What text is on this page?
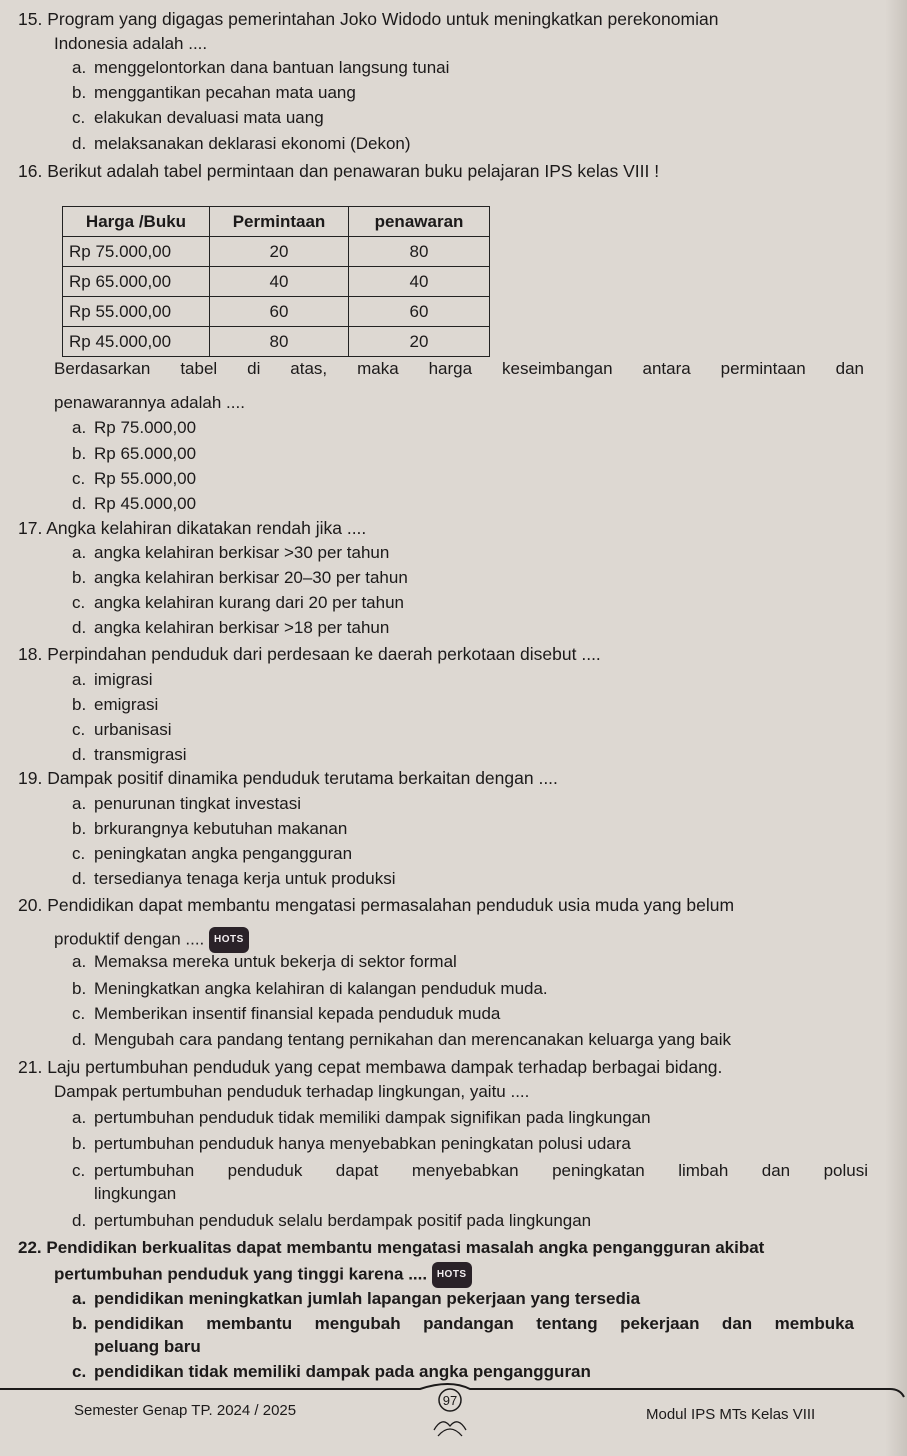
15. Program yang digagas pemerintahan Joko Widodo untuk meningkatkan perekonomian
Indonesia adalah ....
a. menggelontorkan dana bantuan langsung tunai
b. menggantikan pecahan mata uang
c. elakukan devaluasi mata uang
d. melaksanakan deklarasi ekonomi (Dekon)
16. Berikut adalah tabel permintaan dan penawaran buku pelajaran IPS kelas VIII !
Harga /Buku	Permintaan	penawaran
Rp 75.000,00	20	80
Rp 65.000,00	40	40
Rp 55.000,00	60	60
Rp 45.000,00	80	20
Berdasarkan tabel di atas, maka harga keseimbangan antara permintaan dan
penawarannya adalah ....
a. Rp 75.000,00
b. Rp 65.000,00
c. Rp 55.000,00
d. Rp 45.000,00
17. Angka kelahiran dikatakan rendah jika ....
a. angka kelahiran berkisar >30 per tahun
b. angka kelahiran berkisar 20–30 per tahun
c. angka kelahiran kurang dari 20 per tahun
d. angka kelahiran berkisar >18 per tahun
18. Perpindahan penduduk dari perdesaan ke daerah perkotaan disebut ....
a. imigrasi
b. emigrasi
c. urbanisasi
d. transmigrasi
19. Dampak positif dinamika penduduk terutama berkaitan dengan ....
a. penurunan tingkat investasi
b. brkurangnya kebutuhan makanan
c. peningkatan angka pengangguran
d. tersedianya tenaga kerja untuk produksi
20. Pendidikan dapat membantu mengatasi permasalahan penduduk usia muda yang belum
produktif dengan .... HOTS
a. Memaksa mereka untuk bekerja di sektor formal
b. Meningkatkan angka kelahiran di kalangan penduduk muda.
c. Memberikan insentif finansial kepada penduduk muda
d. Mengubah cara pandang tentang pernikahan dan merencanakan keluarga yang baik
21. Laju pertumbuhan penduduk yang cepat membawa dampak terhadap berbagai bidang.
Dampak pertumbuhan penduduk terhadap lingkungan, yaitu ....
a. pertumbuhan penduduk tidak memiliki dampak signifikan pada lingkungan
b. pertumbuhan penduduk hanya menyebabkan peningkatan polusi udara
c. pertumbuhan penduduk dapat menyebabkan peningkatan limbah dan polusi
lingkungan
d. pertumbuhan penduduk selalu berdampak positif pada lingkungan
22. Pendidikan berkualitas dapat membantu mengatasi masalah angka pengangguran akibat
pertumbuhan penduduk yang tinggi karena .... HOTS
a. pendidikan meningkatkan jumlah lapangan pekerjaan yang tersedia
b. pendidikan membantu mengubah pandangan tentang pekerjaan dan membuka
peluang baru
c. pendidikan tidak memiliki dampak pada angka pengangguran
97
Semester Genap TP. 2024 / 2025	Modul IPS MTs Kelas VIII
